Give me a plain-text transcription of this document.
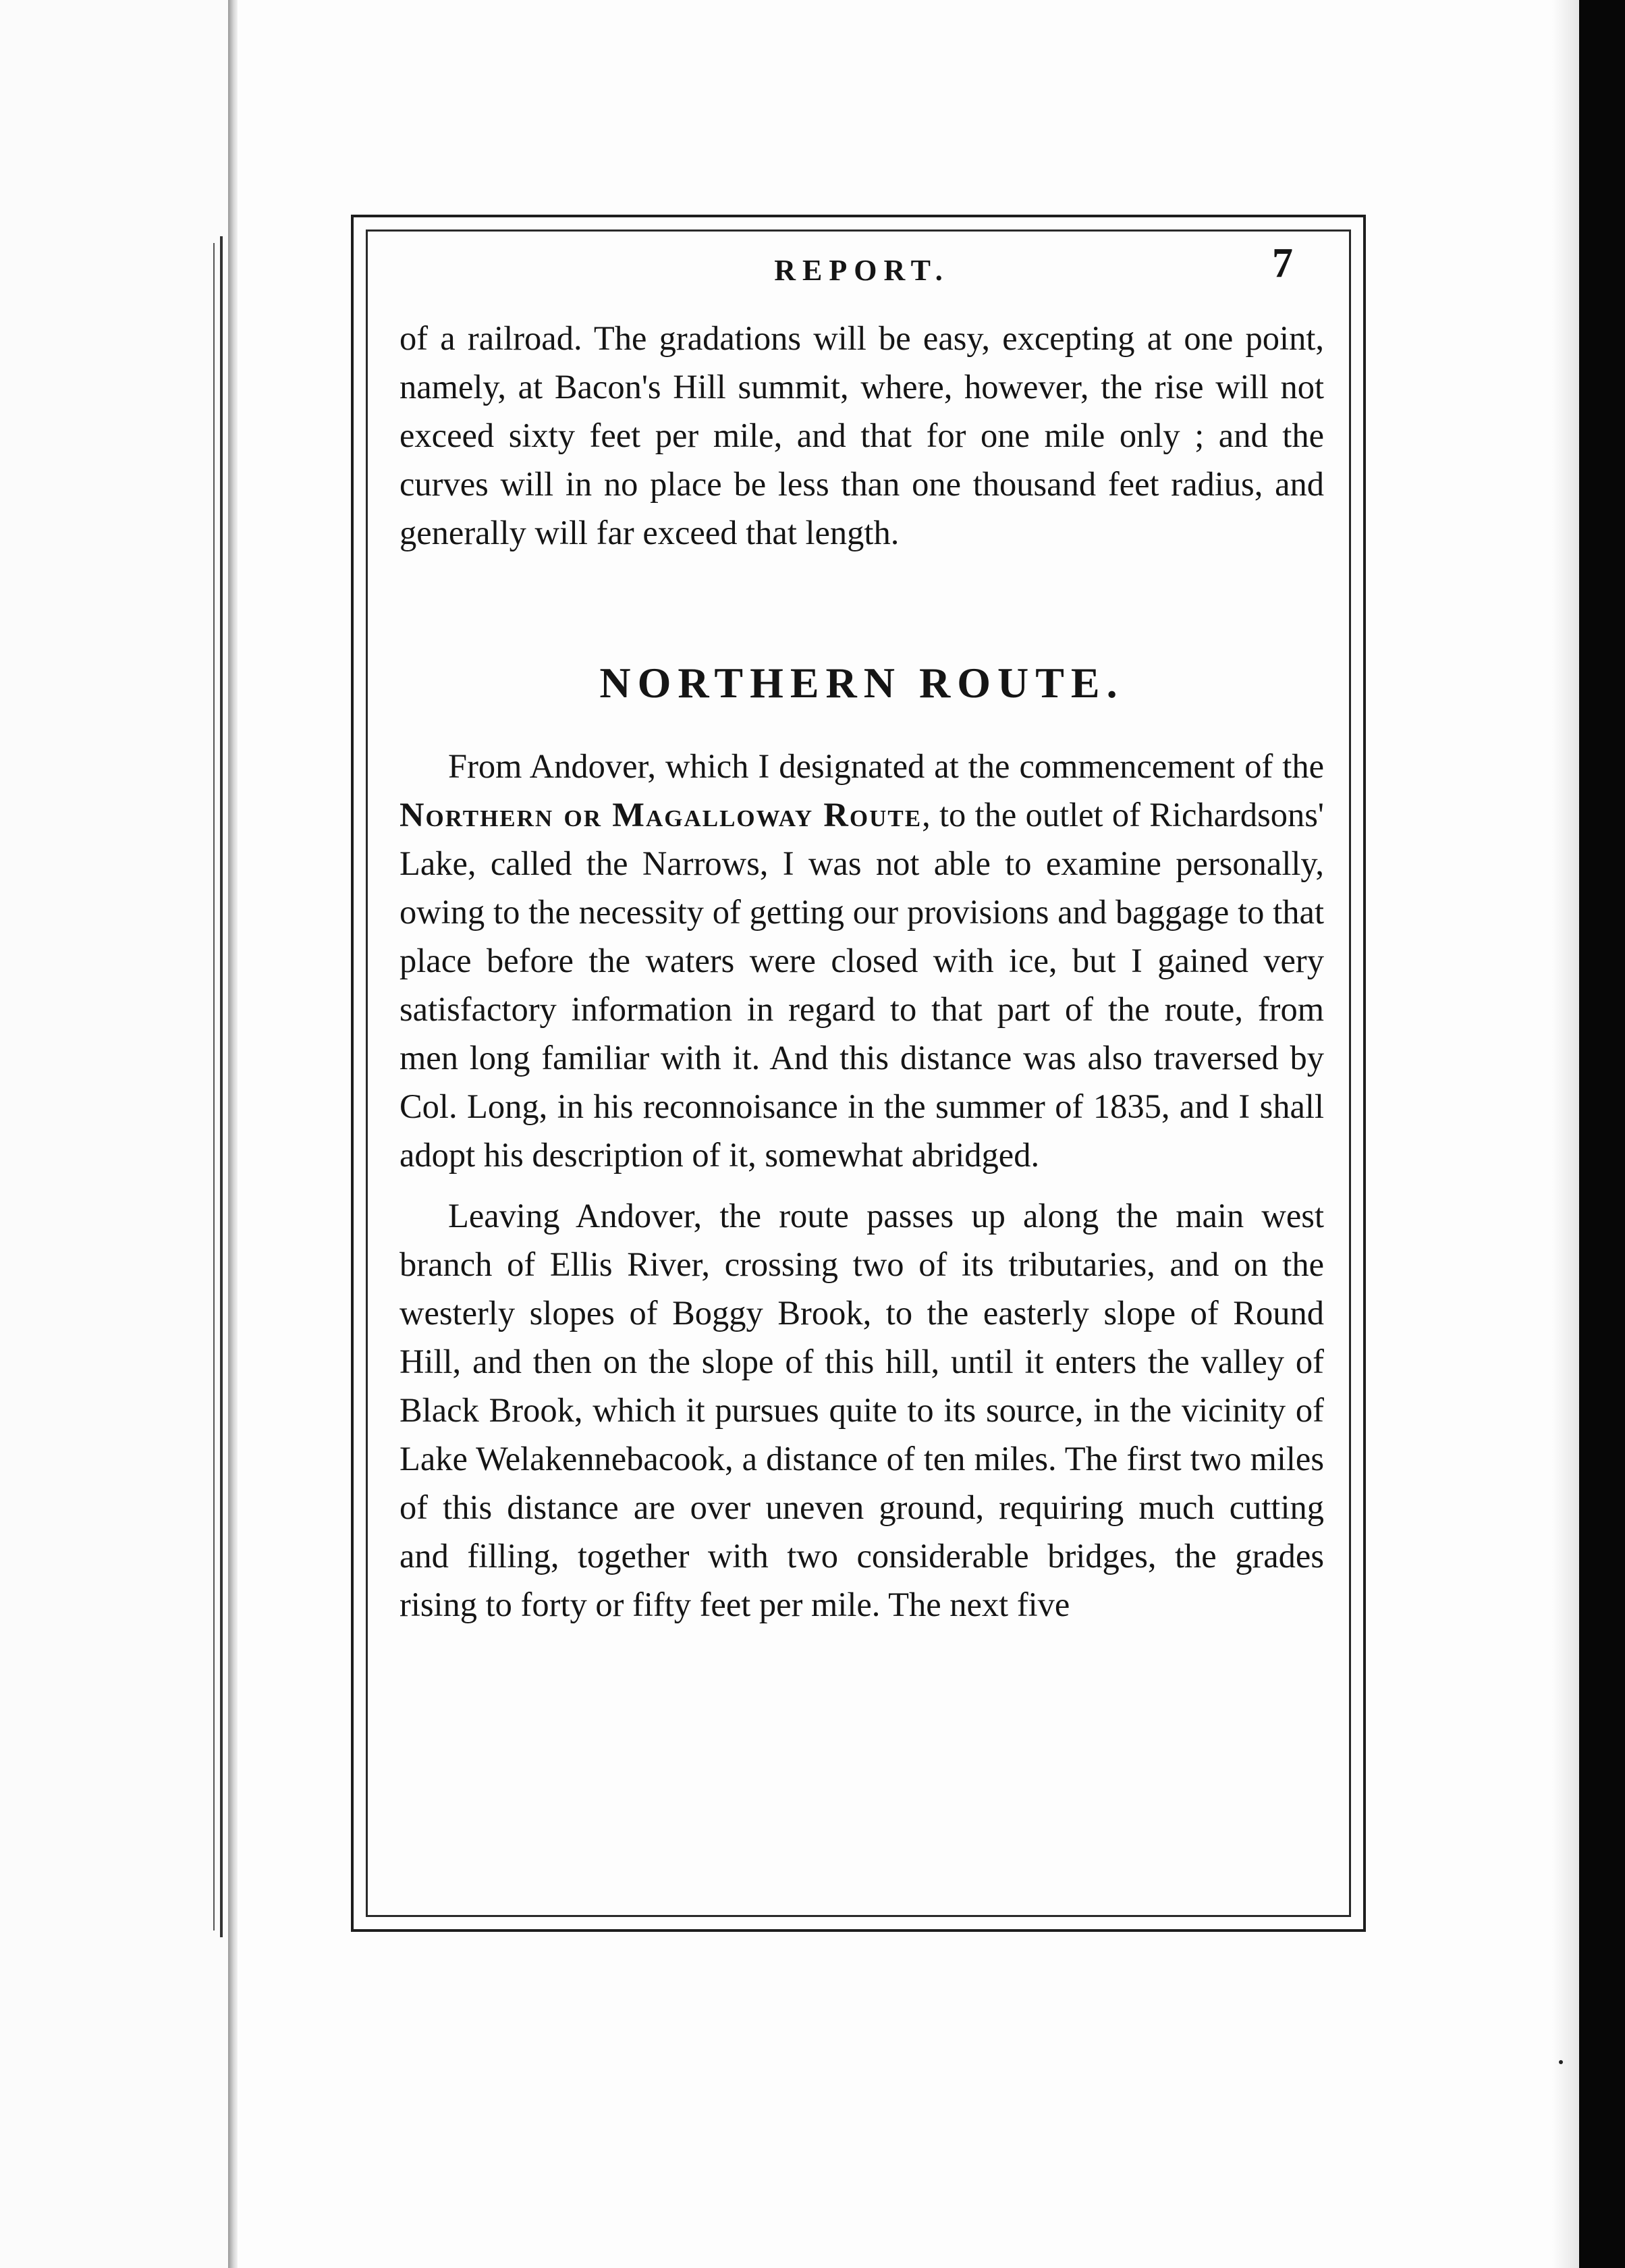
REPORT.	7

of a railroad. The gradations will be easy, excepting at one point, namely, at Bacon's Hill summit, where, however, the rise will not exceed sixty feet per mile, and that for one mile only ; and the curves will in no place be less than one thousand feet radius, and generally will far exceed that length.

NORTHERN ROUTE.

From Andover, which I designated at the commencement of the Northern or Magalloway Route, to the outlet of Richardsons' Lake, called the Narrows, I was not able to examine personally, owing to the necessity of getting our provisions and baggage to that place before the waters were closed with ice, but I gained very satisfactory information in regard to that part of the route, from men long familiar with it. And this distance was also traversed by Col. Long, in his reconnoisance in the summer of 1835, and I shall adopt his description of it, somewhat abridged.

Leaving Andover, the route passes up along the main west branch of Ellis River, crossing two of its tributaries, and on the westerly slopes of Boggy Brook, to the easterly slope of Round Hill, and then on the slope of this hill, until it enters the valley of Black Brook, which it pursues quite to its source, in the vicinity of Lake Welakennebacook, a distance of ten miles. The first two miles of this distance are over uneven ground, requiring much cutting and filling, together with two considerable bridges, the grades rising to forty or fifty feet per mile. The next five
